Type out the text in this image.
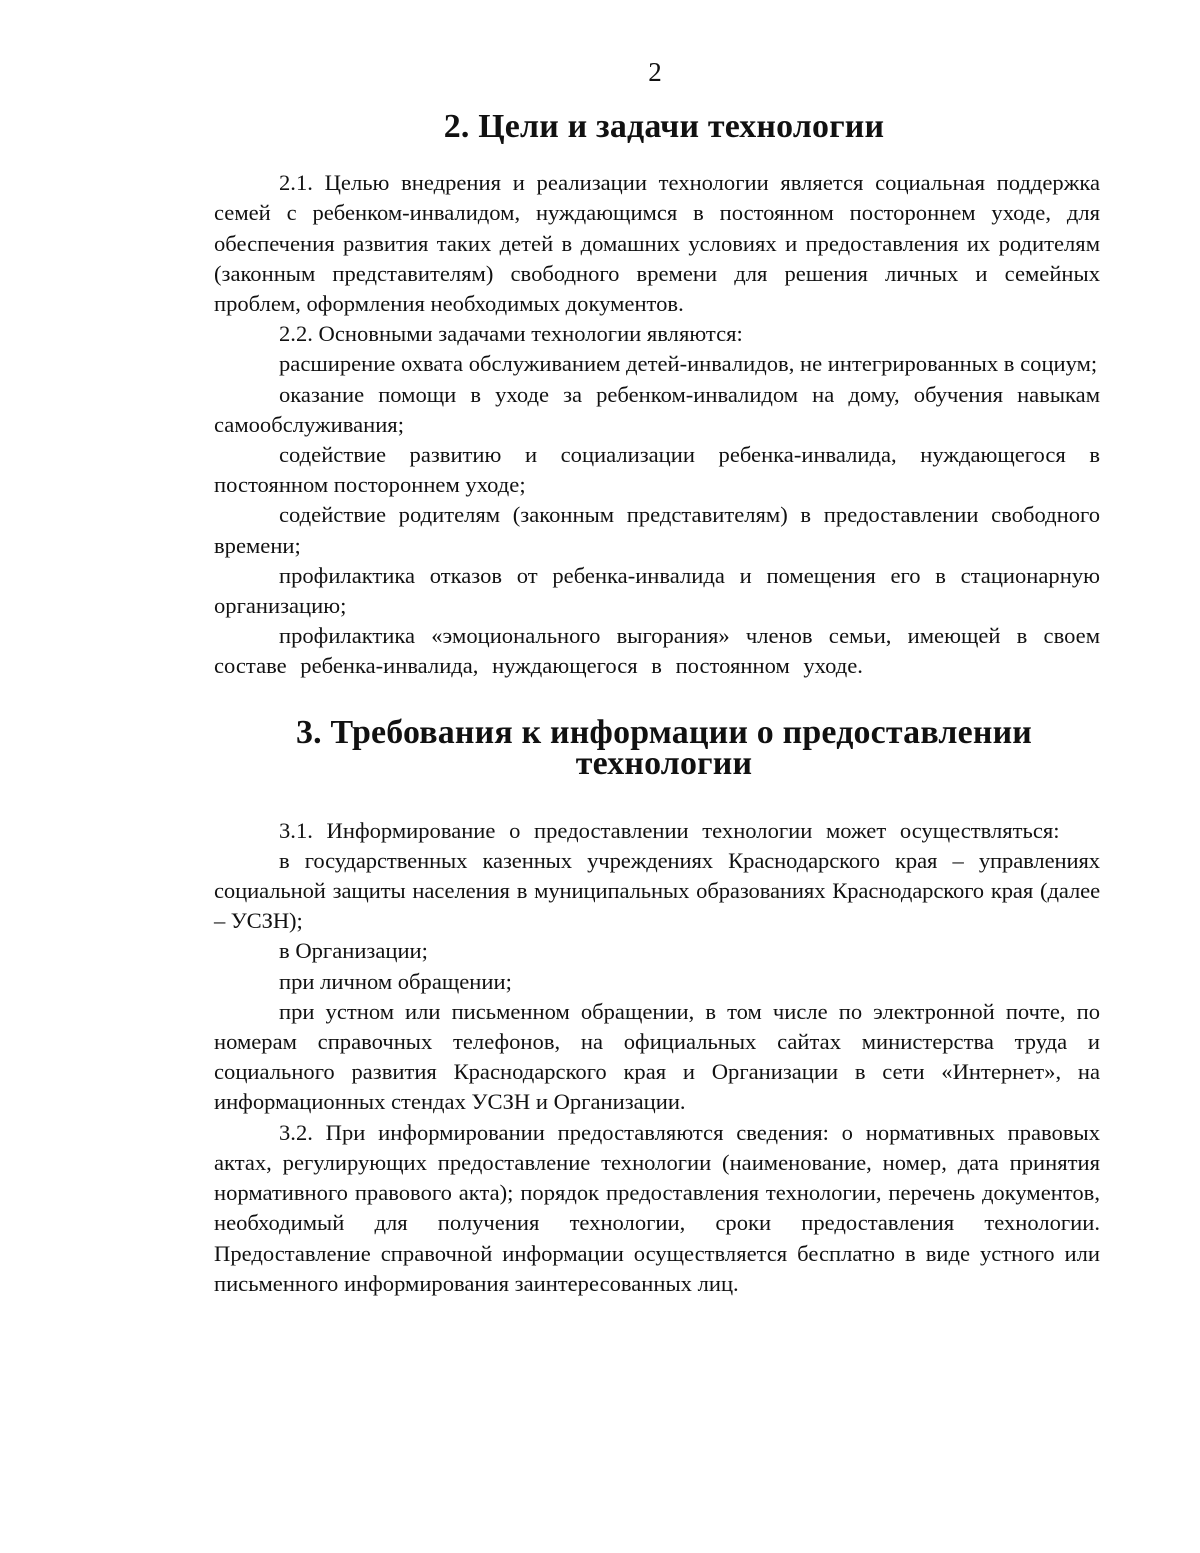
2
2. Цели и задачи технологии

2.1. Целью внедрения и реализации технологии является социальная поддержка семей с ребенком-инвалидом, нуждающимся в постоянном постороннем уходе, для обеспечения развития таких детей в домашних условиях и предоставления их родителям (законным представителям) свободного времени для решения личных и семейных проблем, оформления необходимых документов.

2.2. Основными задачами технологии являются:

расширение охвата обслуживанием детей-инвалидов, не интегрированных в социум;

оказание помощи в уходе за ребенком-инвалидом на дому, обучения навыкам самообслуживания;

содействие развитию и социализации ребенка-инвалида, нуждающегося в постоянном постороннем уходе;

содействие родителям (законным представителям) в предоставлении свободного времени;

профилактика отказов от ребенка-инвалида и помещения его в стационарную организацию;

профилактика «эмоционального выгорания» членов семьи, имеющей в своем составе ребенка-инвалида, нуждающегося в постоянном уходе.

3. Требования к информации о предоставлении
технологии

3.1. Информирование о предоставлении технологии может осуществляться:

в государственных казенных учреждениях Краснодарского края – управлениях социальной защиты населения в муниципальных образованиях Краснодарского края (далее – УСЗН);

в Организации;

при личном обращении;

при устном или письменном обращении, в том числе по электронной почте, по номерам справочных телефонов, на официальных сайтах министерства труда и социального развития Краснодарского края и Организации в сети «Интернет», на информационных стендах УСЗН и Организации.

3.2. При информировании предоставляются сведения: о нормативных правовых актах, регулирующих предоставление технологии (наименование, номер, дата принятия нормативного правового акта); порядок предоставления технологии, перечень документов, необходимый для получения технологии, сроки предоставления технологии. Предоставление справочной информации осуществляется бесплатно в виде устного или письменного информирования заинтересованных лиц.
